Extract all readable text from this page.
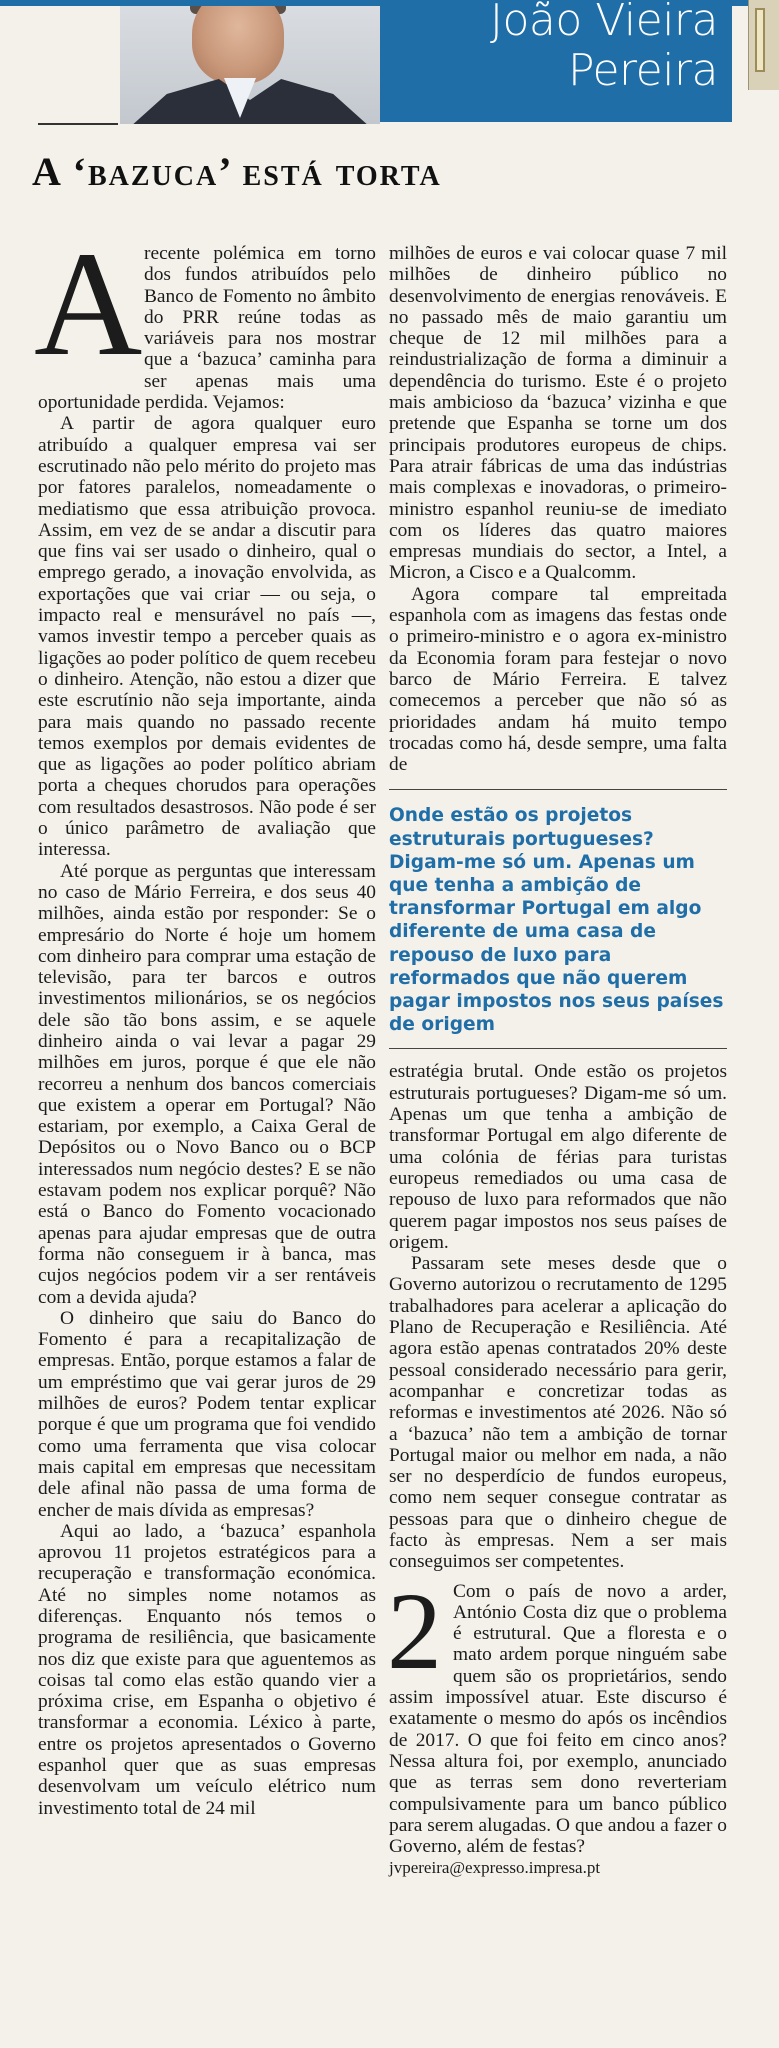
João Vieira
Pereira
A ‘bazuca’ está torta

A recente polémica em torno dos fundos atribuídos pelo Banco de Fomento no âmbito do PRR reúne todas as variáveis para nos mostrar que a ‘bazuca’ caminha para ser apenas mais uma oportunidade perdida. Vejamos:

A partir de agora qualquer euro atribuído a qualquer empresa vai ser escrutinado não pelo mérito do projeto mas por fatores paralelos, nomeadamente o mediatismo que essa atribuição provoca. Assim, em vez de se andar a discutir para que fins vai ser usado o dinheiro, qual o emprego gerado, a inovação envolvida, as exportações que vai criar — ou seja, o impacto real e mensurável no país —, vamos investir tempo a perceber quais as ligações ao poder político de quem recebeu o dinheiro. Atenção, não estou a dizer que este escrutínio não seja importante, ainda para mais quando no passado recente temos exemplos por demais evidentes de que as ligações ao poder político abriam porta a cheques chorudos para operações com resultados desastrosos. Não pode é ser o único parâmetro de avaliação que interessa.

Até porque as perguntas que interessam no caso de Mário Ferreira, e dos seus 40 milhões, ainda estão por responder: Se o empresário do Norte é hoje um homem com dinheiro para comprar uma estação de televisão, para ter barcos e outros investimentos milionários, se os negócios dele são tão bons assim, e se aquele dinheiro ainda o vai levar a pagar 29 milhões em juros, porque é que ele não recorreu a nenhum dos bancos comerciais que existem a operar em Portugal? Não estariam, por exemplo, a Caixa Geral de Depósitos ou o Novo Banco ou o BCP interessados num negócio destes? E se não estavam podem nos explicar porquê? Não está o Banco do Fomento vocacionado apenas para ajudar empresas que de outra forma não conseguem ir à banca, mas cujos negócios podem vir a ser rentáveis com a devida ajuda?

O dinheiro que saiu do Banco do Fomento é para a recapitalização de empresas. Então, porque estamos a falar de um empréstimo que vai gerar juros de 29 milhões de euros? Podem tentar explicar porque é que um programa que foi vendido como uma ferramenta que visa colocar mais capital em empresas que necessitam dele afinal não passa de uma forma de encher de mais dívida as empresas?

Aqui ao lado, a ‘bazuca’ espanhola aprovou 11 projetos estratégicos para a recuperação e transformação económica. Até no simples nome notamos as diferenças. Enquanto nós temos o programa de resiliência, que basicamente nos diz que existe para que aguentemos as coisas tal como elas estão quando vier a próxima crise, em Espanha o objetivo é transformar a economia. Léxico à parte, entre os projetos apresentados o Governo espanhol quer que as suas empresas desenvolvam um veículo elétrico num investimento total de 24 mil

milhões de euros e vai colocar quase 7 mil milhões de dinheiro público no desenvolvimento de energias renováveis. E no passado mês de maio garantiu um cheque de 12 mil milhões para a reindustrialização de forma a diminuir a dependência do turismo. Este é o projeto mais ambicioso da ‘bazuca’ vizinha e que pretende que Espanha se torne um dos principais produtores europeus de chips. Para atrair fábricas de uma das indústrias mais complexas e inovadoras, o primeiro-ministro espanhol reuniu-se de imediato com os líderes das quatro maiores empresas mundiais do sector, a Intel, a Micron, a Cisco e a Qualcomm.

Agora compare tal empreitada espanhola com as imagens das festas onde o primeiro-ministro e o agora ex-ministro da Economia foram para festejar o novo barco de Mário Ferreira. E talvez comecemos a perceber que não só as prioridades andam há muito tempo trocadas como há, desde sempre, uma falta de

Onde estão os projetos estruturais portugueses? Digam-me só um. Apenas um que tenha a ambição de transformar Portugal em algo diferente de uma casa de repouso de luxo para reformados que não querem pagar impostos nos seus países de origem

estratégia brutal. Onde estão os projetos estruturais portugueses? Digam-me só um. Apenas um que tenha a ambição de transformar Portugal em algo diferente de uma colónia de férias para turistas europeus remediados ou uma casa de repouso de luxo para reformados que não querem pagar impostos nos seus países de origem.

Passaram sete meses desde que o Governo autorizou o recrutamento de 1295 trabalhadores para acelerar a aplicação do Plano de Recuperação e Resiliência. Até agora estão apenas contratados 20% deste pessoal considerado necessário para gerir, acompanhar e concretizar todas as reformas e investimentos até 2026. Não só a ‘bazuca’ não tem a ambição de tornar Portugal maior ou melhor em nada, a não ser no desperdício de fundos europeus, como nem sequer consegue contratar as pessoas para que o dinheiro chegue de facto às empresas. Nem a ser mais conseguimos ser competentes.

2 Com o país de novo a arder, António Costa diz que o problema é estrutural. Que a floresta e o mato ardem porque ninguém sabe quem são os proprietários, sendo assim impossível atuar. Este discurso é exatamente o mesmo do após os incêndios de 2017. O que foi feito em cinco anos? Nessa altura foi, por exemplo, anunciado que as terras sem dono reverteriam compulsivamente para um banco público para serem alugadas. O que andou a fazer o Governo, além de festas?

jvpereira@expresso.impresa.pt
